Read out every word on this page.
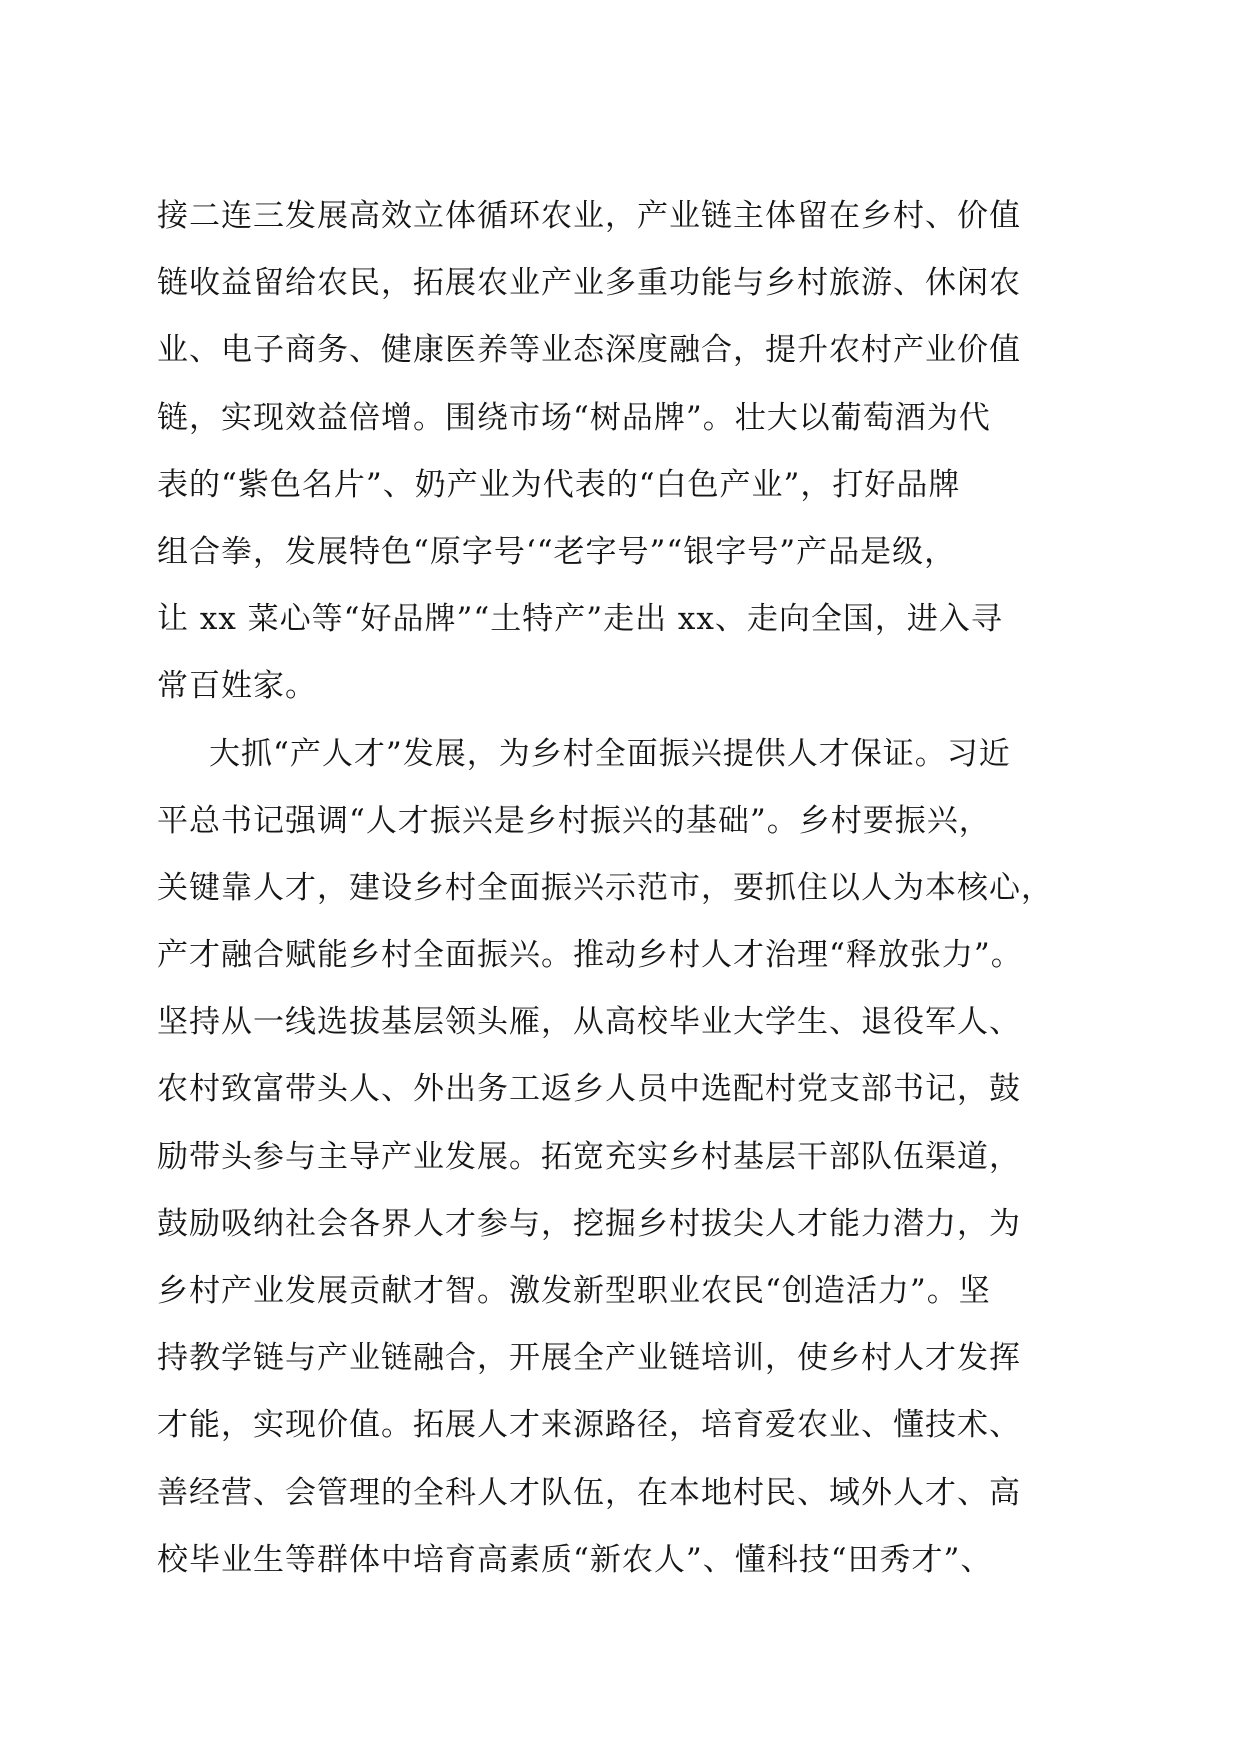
接二连三发展高效立体循环农业，产业链主体留在乡村、价值
链收益留给农民，拓展农业产业多重功能与乡村旅游、休闲农
业、电子商务、健康医养等业态深度融合，提升农村产业价值
链，实现效益倍增。围绕市场“树品牌”。壮大以葡萄酒为代
表的“紫色名片”、奶产业为代表的“白色产业”，打好品牌
组合拳，发展特色“原字号‘“老字号”“银字号”产品是级，
让 xx 菜心等“好品牌”“土特产”走出 xx、走向全国，进入寻
常百姓家。
大抓“产人才”发展，为乡村全面振兴提供人才保证。习近
平总书记强调“人才振兴是乡村振兴的基础”。乡村要振兴，
关键靠人才，建设乡村全面振兴示范市，要抓住以人为本核心，
产才融合赋能乡村全面振兴。推动乡村人才治理“释放张力”。
坚持从一线选拔基层领头雁，从高校毕业大学生、退役军人、
农村致富带头人、外出务工返乡人员中选配村党支部书记，鼓
励带头参与主导产业发展。拓宽充实乡村基层干部队伍渠道，
鼓励吸纳社会各界人才参与，挖掘乡村拔尖人才能力潜力，为
乡村产业发展贡献才智。激发新型职业农民“创造活力”。坚
持教学链与产业链融合，开展全产业链培训，使乡村人才发挥
才能，实现价值。拓展人才来源路径，培育爱农业、懂技术、
善经营、会管理的全科人才队伍，在本地村民、域外人才、高
校毕业生等群体中培育高素质“新农人”、懂科技“田秀才”、
